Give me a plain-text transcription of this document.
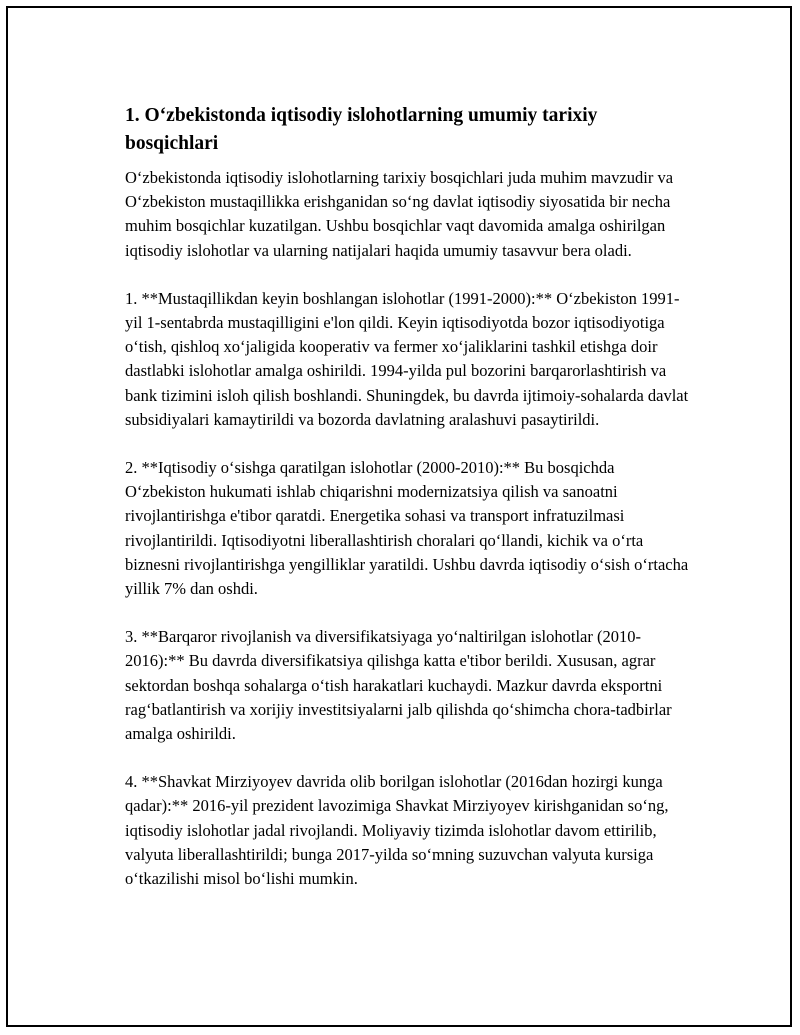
1. O‘zbekistonda iqtisodiy islohotlarning umumiy tarixiy bosqichlari

O‘zbekistonda iqtisodiy islohotlarning tarixiy bosqichlari juda muhim mavzudir va O‘zbekiston mustaqillikka erishganidan so‘ng davlat iqtisodiy siyosatida bir necha muhim bosqichlar kuzatilgan. Ushbu bosqichlar vaqt davomida amalga oshirilgan iqtisodiy islohotlar va ularning natijalari haqida umumiy tasavvur bera oladi.

1. **Mustaqillikdan keyin boshlangan islohotlar (1991-2000):** O‘zbekiston 1991-yil 1-sentabrda mustaqilligini e'lon qildi. Keyin iqtisodiyotda bozor iqtisodiyotiga o‘tish, qishloq xo‘jaligida kooperativ va fermer xo‘jaliklarini tashkil etishga doir dastlabki islohotlar amalga oshirildi. 1994-yilda pul bozorini barqarorlashtirish va bank tizimini isloh qilish boshlandi. Shuningdek, bu davrda ijtimoiy-sohalarda davlat subsidiyalari kamaytirildi va bozorda davlatning aralashuvi pasaytirildi.

2. **Iqtisodiy o‘sishga qaratilgan islohotlar (2000-2010):** Bu bosqichda O‘zbekiston hukumati ishlab chiqarishni modernizatsiya qilish va sanoatni rivojlantirishga e'tibor qaratdi. Energetika sohasi va transport infratuzilmasi rivojlantirildi. Iqtisodiyotni liberallashtirish choralari qo‘llandi, kichik va o‘rta biznesni rivojlantirishga yengilliklar yaratildi. Ushbu davrda iqtisodiy o‘sish o‘rtacha yillik 7% dan oshdi.

3. **Barqaror rivojlanish va diversifikatsiyaga yo‘naltirilgan islohotlar (2010-2016):** Bu davrda diversifikatsiya qilishga katta e'tibor berildi. Xususan, agrar sektordan boshqa sohalarga o‘tish harakatlari kuchaydi. Mazkur davrda eksportni rag‘batlantirish va xorijiy investitsiyalarni jalb qilishda qo‘shimcha chora-tadbirlar amalga oshirildi.

4. **Shavkat Mirziyoyev davrida olib borilgan islohotlar (2016dan hozirgi kunga qadar):** 2016-yil prezident lavozimiga Shavkat Mirziyoyev kirishganidan so‘ng, iqtisodiy islohotlar jadal rivojlandi. Moliyaviy tizimda islohotlar davom ettirilib, valyuta liberallashtirildi; bunga 2017-yilda so‘mning suzuvchan valyuta kursiga o‘tkazilishi misol bo‘lishi mumkin.
